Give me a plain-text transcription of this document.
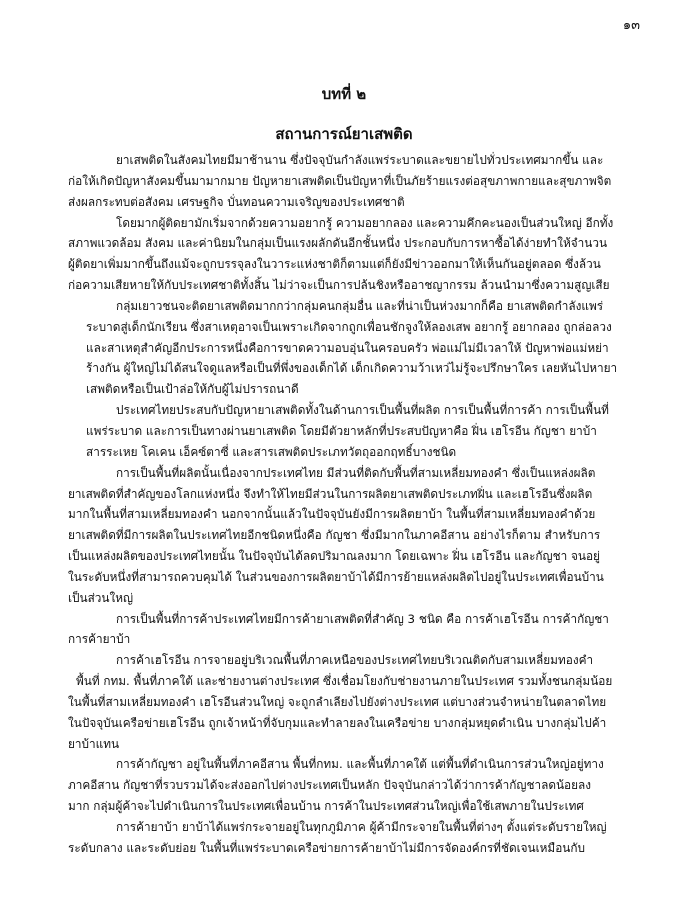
๑๓
บทที่ ๒
สถานการณ์ยาเสพติด
ยาเสพติดในสังคมไทยมีมาช้านาน ซึ่งปัจจุบันกำลังแพร่ระบาดและขยายไปทั่วประเทศมากขึ้น และ
ก่อให้เกิดปัญหาสังคมขึ้นมามากมาย ปัญหายาเสพติดเป็นปัญหาที่เป็นภัยร้ายแรงต่อสุขภาพกายและสุขภาพจิต
ส่งผลกระทบต่อสังคม เศรษฐกิจ บั่นทอนความเจริญของประเทศชาติ
โดยมากผู้ติดยามักเริ่มจากด้วยความอยากรู้ ความอยากลอง และความคึกคะนองเป็นส่วนใหญ่ อีกทั้ง
สภาพแวดล้อม สังคม และค่านิยมในกลุ่มเป็นแรงผลักดันอีกชั้นหนึ่ง ประกอบกับการหาซื้อได้ง่ายทำให้จำนวน
ผู้ติดยาเพิ่มมากขึ้นถึงแม้จะถูกบรรจุลงในวาระแห่งชาติก็ตามแต่ก็ยังมีข่าวออกมาให้เห็นกันอยู่ตลอด ซึ่งล้วน
ก่อความเสียหายให้กับประเทศชาติทั้งสิ้น ไม่ว่าจะเป็นการปล้นชิงหรืออาชญากรรม ล้วนนำมาซึ่งความสูญเสีย
กลุ่มเยาวชนจะติดยาเสพติดมากกว่ากลุ่มคนกลุ่มอื่น และที่น่าเป็นห่วงมากก็คือ ยาเสพติดกำลังแพร่
ระบาดสู่เด็กนักเรียน ซึ่งสาเหตุอาจเป็นเพราะเกิดจากถูกเพื่อนชักจูงให้ลองเสพ อยากรู้ อยากลอง ถูกล่อลวง
และสาเหตุสำคัญอีกประการหนึ่งคือการขาดความอบอุ่นในครอบครัว พ่อแม่ไม่มีเวลาให้ ปัญหาพ่อแม่หย่า
ร้างกัน ผู้ใหญ่ไม่ได้สนใจดูแลหรือเป็นที่พึ่งของเด็กได้ เด็กเกิดความว้าเหว่ไม่รู้จะปรึกษาใคร เลยหันไปหายา
เสพติดหรือเป็นเป้าล่อให้กับผู้ไม่ปรารถนาดี
ประเทศไทยประสบกับปัญหายาเสพติดทั้งในด้านการเป็นพื้นที่ผลิต การเป็นพื้นที่การค้า การเป็นพื้นที่
แพร่ระบาด และการเป็นทางผ่านยาเสพติด โดยมีตัวยาหลักที่ประสบปัญหาคือ ฝิ่น เฮโรอีน กัญชา ยาบ้า
สารระเหย โคเคน เอ็คซ์ตาซี่ และสารเสพติดประเภทวัตถุออกฤทธิ์บางชนิด
การเป็นพื้นที่ผลิตนั้นเนื่องจากประเทศไทย มีส่วนที่ติดกับพื้นที่สามเหลี่ยมทองคำ ซึ่งเป็นแหล่งผลิต
ยาเสพติดที่สำคัญของโลกแห่งหนึ่ง จึงทำให้ไทยมีส่วนในการผลิตยาเสพติดประเภทฝิ่น และเฮโรอีนซึ่งผลิต
มากในพื้นที่สามเหลี่ยมทองคำ นอกจากนั้นแล้วในปัจจุบันยังมีการผลิตยาบ้า ในพื้นที่สามเหลี่ยมทองคำด้วย
ยาเสพติดที่มีการผลิตในประเทศไทยอีกชนิดหนึ่งคือ กัญชา ซึ่งมีมากในภาคอีสาน อย่างไรก็ตาม สำหรับการ
เป็นแหล่งผลิตของประเทศไทยนั้น ในปัจจุบันได้ลดปริมาณลงมาก โดยเฉพาะ ฝิ่น เฮโรอีน และกัญชา จนอยู่
ในระดับหนึ่งที่สามารถควบคุมได้ ในส่วนของการผลิตยาบ้าได้มีการย้ายแหล่งผลิตไปอยู่ในประเทศเพื่อนบ้าน
เป็นส่วนใหญ่
การเป็นพื้นที่การค้าประเทศไทยมีการค้ายาเสพติดที่สำคัญ 3 ชนิด คือ การค้าเฮโรอีน การค้ากัญชา
การค้ายาบ้า
การค้าเฮโรอีน การจายอยู่บริเวณพื้นที่ภาคเหนือของประเทศไทยบริเวณติดกับสามเหลี่ยมทองคำ
พื้นที่ กทม. พื้นที่ภาคใต้ และช่ายงานต่างประเทศ ซึ่งเชื่อมโยงกับช่ายงานภายในประเทศ รวมทั้งชนกลุ่มน้อย
ในพื้นที่สามเหลี่ยมทองคำ เฮโรอีนส่วนใหญ่ จะถูกลำเลียงไปยังต่างประเทศ แต่บางส่วนจำหน่ายในตลาดไทย
ในปัจจุบันเครือข่ายเฮโรอีน ถูกเจ้าหน้าที่จับกุมและทำลายลงในเครือข่าย บางกลุ่มหยุดดำเนิน บางกลุ่มไปค้า
ยาบ้าแทน
การค้ากัญชา อยู่ในพื้นที่ภาคอีสาน พื้นที่กทม. และพื้นที่ภาคใต้ แต่พื้นที่ดำเนินการส่วนใหญ่อยู่ทาง
ภาคอีสาน กัญชาที่รวบรวมได้จะส่งออกไปต่างประเทศเป็นหลัก ปัจจุบันกล่าวได้ว่าการค้ากัญชาลดน้อยลง
มาก กลุ่มผู้ค้าจะไปดำเนินการในประเทศเพื่อนบ้าน การค้าในประเทศส่วนใหญ่เพื่อใช้เสพภายในประเทศ
การค้ายาบ้า ยาบ้าได้แพร่กระจายอยู่ในทุกภูมิภาค ผู้ค้ามีกระจายในพื้นที่ต่างๆ ตั้งแต่ระดับรายใหญ่
ระดับกลาง และระดับย่อย ในพื้นที่แพร่ระบาดเครือข่ายการค้ายาบ้าไม่มีการจัดองค์กรที่ชัดเจนเหมือนกับ
